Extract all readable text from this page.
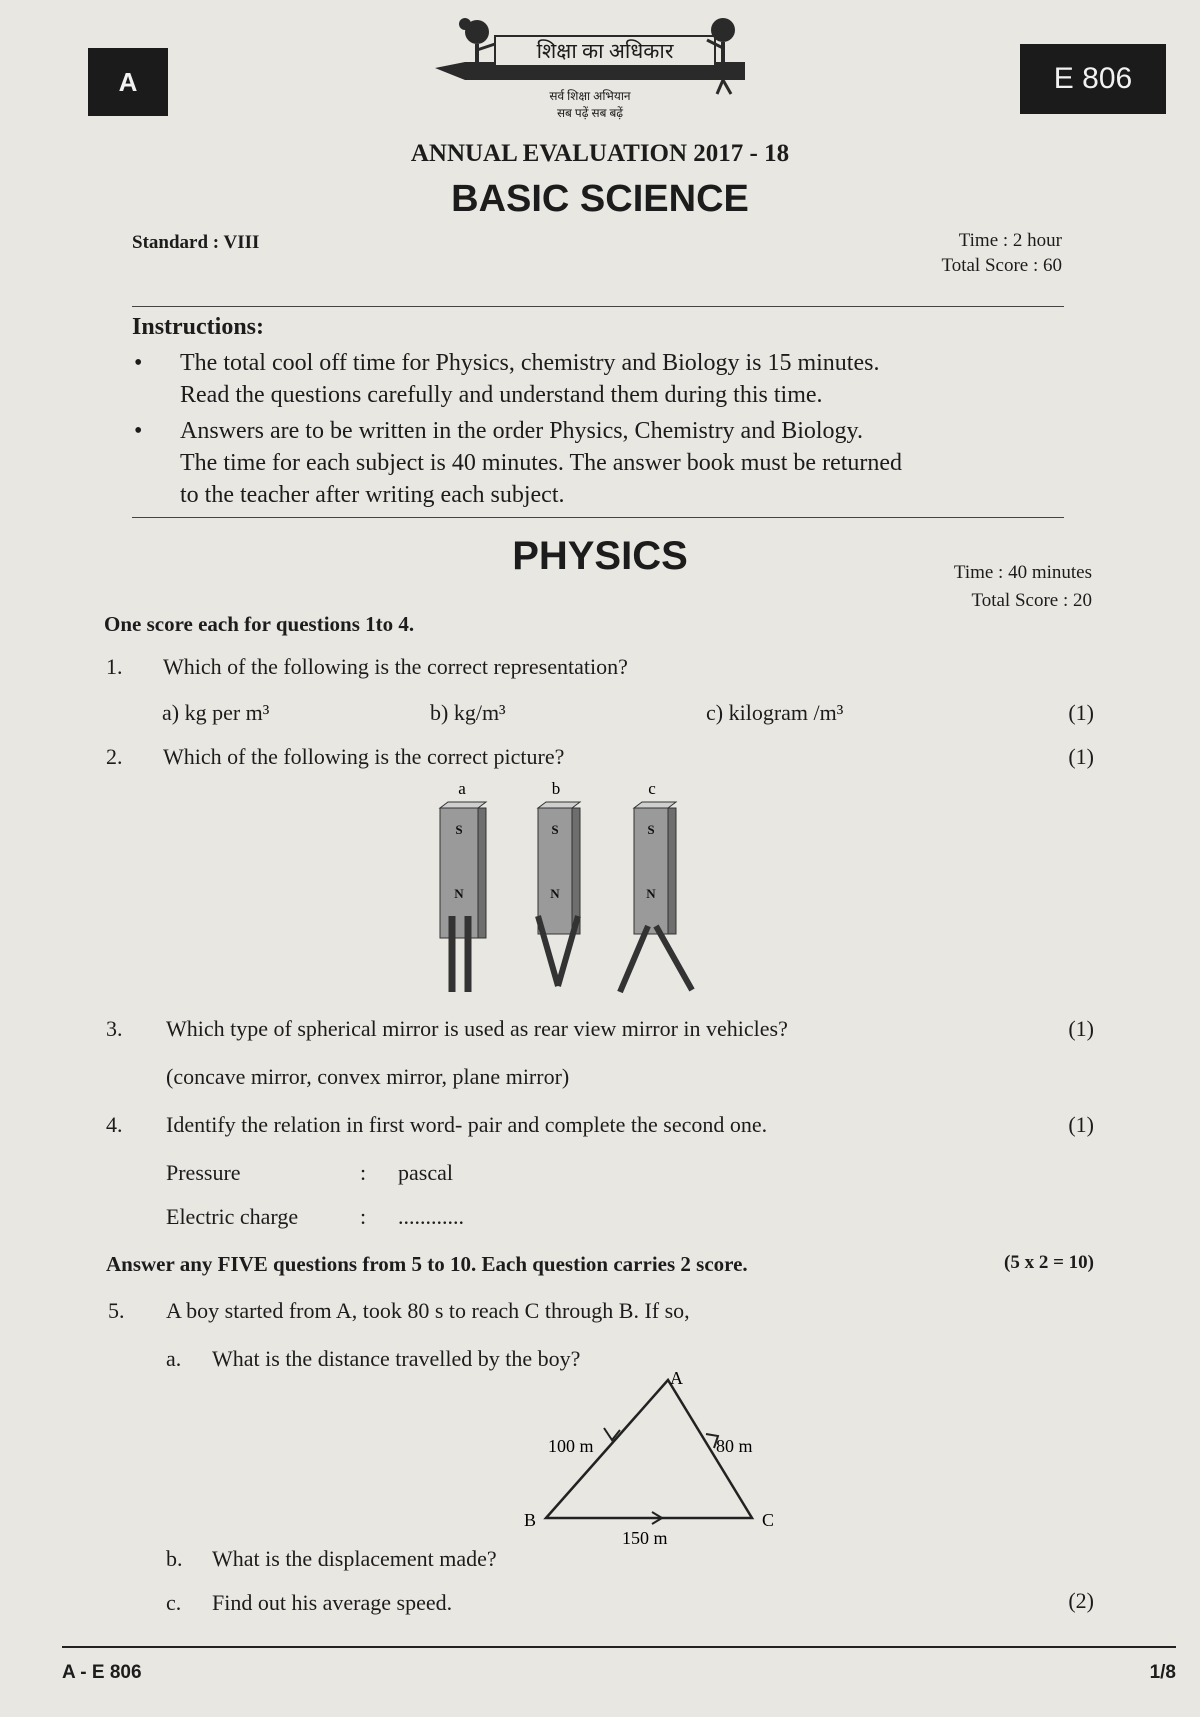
A	E 806
शिक्षा का अधिकार
सर्व शिक्षा अभियान
सब पढ़ें सब बढ़ें
ANNUAL EVALUATION 2017 - 18
BASIC SCIENCE
Standard : VIII	Time : 2 hour
Total Score : 60
Instructions:
• The total cool off time for Physics, chemistry and Biology is 15 minutes.
Read the questions carefully and understand them during this time.
• Answers are to be written in the order Physics, Chemistry and Biology.
The time for each subject is 40 minutes. The answer book must be returned
to the teacher after writing each subject.
PHYSICS	Time : 40 minutes
Total Score : 20
One score each for questions 1to 4.
1. Which of the following is the correct representation?
a) kg per m³	b) kg/m³	c) kilogram /m³	(1)
2. Which of the following is the correct picture?	(1)
a	b	c
S
N
S
N
S
N
3. Which type of spherical mirror is used as rear view mirror in vehicles?	(1)
(concave mirror, convex mirror, plane mirror)
4. Identify the relation in first word- pair and complete the second one.	(1)
Pressure	: pascal
Electric charge	: ............
Answer any FIVE questions from 5 to 10. Each question carries 2 score.	(5 x 2 = 10)
5. A boy started from A, took 80 s to reach C through B. If so,
a. What is the distance travelled by the boy?
A
B	C
100 m	80 m
150 m
b. What is the displacement made?
c. Find out his average speed.	(2)
A - E 806	1/8
